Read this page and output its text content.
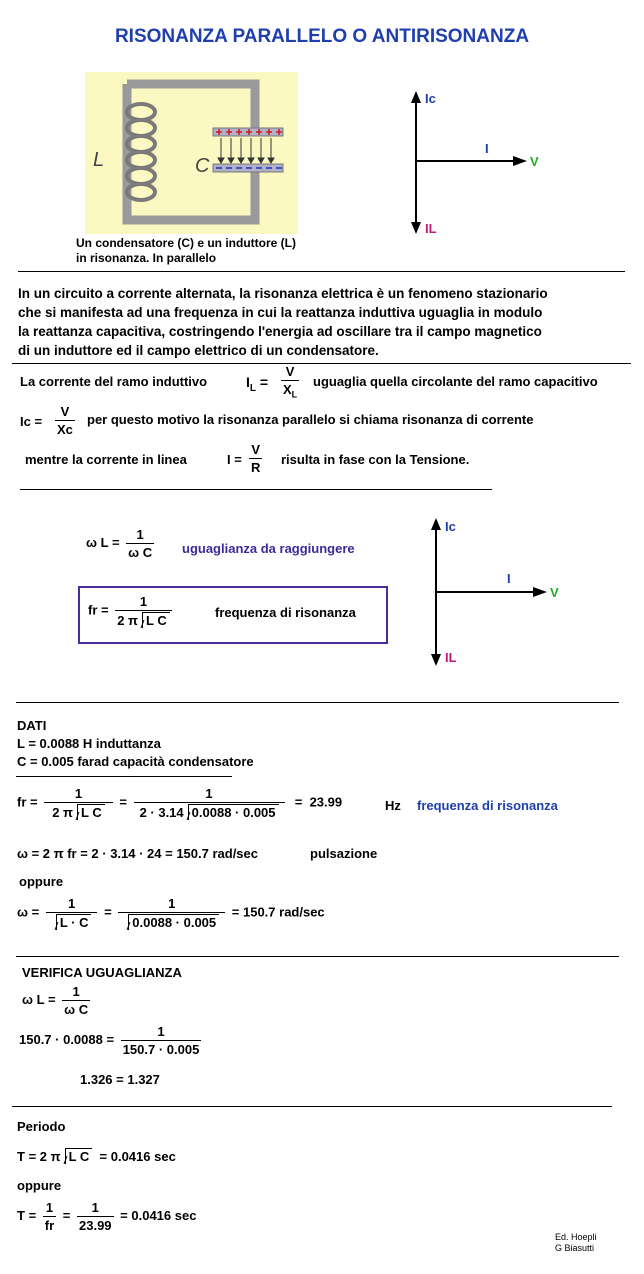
RISONANZA PARALLELO O ANTIRISONANZA
L	C
Un condensatore (C) e un induttore (L)
in risonanza. In parallelo
Ic
I
V
IL
In un circuito a corrente alternata, la risonanza elettrica è un fenomeno stazionario
che si manifesta ad una frequenza in cui la reattanza induttiva uguaglia in modulo
la reattanza capacitiva, costringendo l'energia ad oscillare tra il campo magnetico
di un induttore ed il campo elettrico di un condensatore.
La corrente del ramo induttivo	$I_L = \frac{V}{X_L}$ uguaglia quella circolante del ramo capacitivo
$Ic = \frac{V}{Xc}$ per questo motivo la risonanza parallelo si chiama risonanza di corrente
mentre la corrente in linea	$I = \frac{V}{R}$ risulta in fase con la Tensione.
ω $L = \frac{1}{\text{ω C}}$ uguaglianza da raggiungere
fr = $\frac{1}{\text{2 π L C}}$	frequenza di risonanza
Ic
I
V
IL
DATI
L = 0.0088 H induttanza
C = 0.005 farad capacità condensatore
fr = $\frac{1}{\text{2 π L C}} = \frac{1}{2 \cdot 3.14 0.0088 \cdot 0.005} = 23.99$	Hz frequenza di risonanza
ω = 2 π fr = 2 · 3.14 · 24 = 150.7 rad/sec	pulsazione
oppure
$\omega = \frac{1}{L \cdot C} = \frac{1}{0.0088 \cdot 0.005} = 150.7$ rad/sec
VERIFICA UGUAGLIANZA
ω $L = \frac{1}{\text{ω C}}$
$150.7 \cdot 0.0088 = \frac{1}{150.7 \cdot 0.005}$
1.326 = 1.327
Periodo
T = 2 π L C = 0.0416 sec
oppure
$T = \frac{1}{fr} = \frac{1}{23.99} = 0.0416$ sec
Ed. Hoepli
G Biasutti
